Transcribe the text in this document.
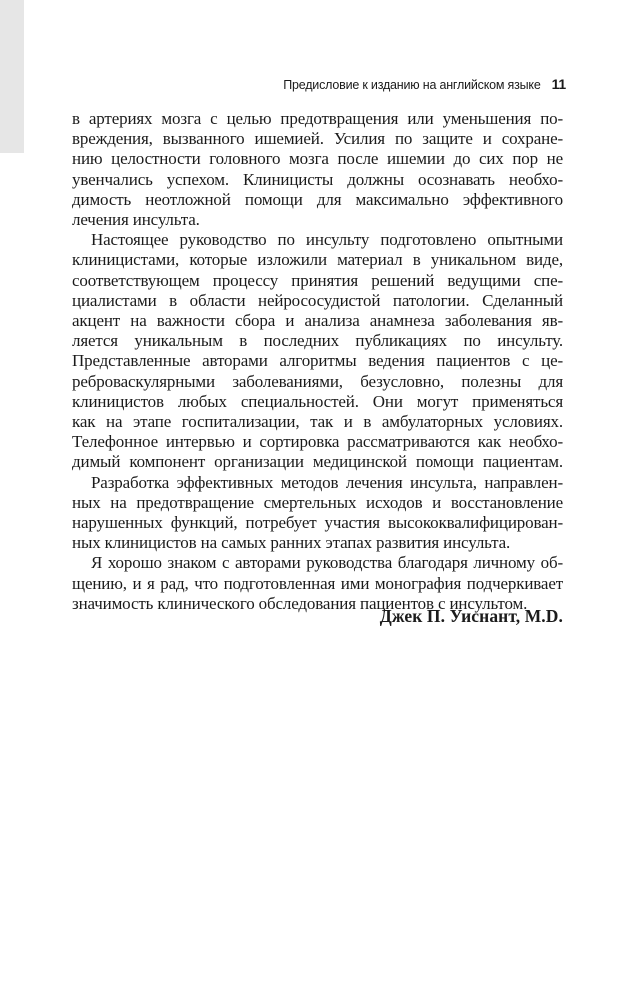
Предисловие к изданию на английском языке 11
в артериях мозга с целью предотвращения или уменьшения по-
вреждения, вызванного ишемией. Усилия по защите и сохране-
нию целостности головного мозга после ишемии до сих пор не
увенчались успехом. Клиницисты должны осознавать необхо-
димость неотложной помощи для максимально эффективного
лечения инсульта.
Настоящее руководство по инсульту подготовлено опытными
клиницистами, которые изложили материал в уникальном виде,
соответствующем процессу принятия решений ведущими спе-
циалистами в области нейрососудистой патологии. Сделанный
акцент на важности сбора и анализа анамнеза заболевания яв-
ляется уникальным в последних публикациях по инсульту.
Представленные авторами алгоритмы ведения пациентов с це-
реброваскулярными заболеваниями, безусловно, полезны для
клиницистов любых специальностей. Они могут применяться
как на этапе госпитализации, так и в амбулаторных условиях.
Телефонное интервью и сортировка рассматриваются как необхо-
димый компонент организации медицинской помощи пациентам.
Разработка эффективных методов лечения инсульта, направлен-
ных на предотвращение смертельных исходов и восстановление
нарушенных функций, потребует участия высококвалифицирован-
ных клиницистов на самых ранних этапах развития инсульта.
Я хорошо знаком с авторами руководства благодаря личному об-
щению, и я рад, что подготовленная ими монография подчеркивает
значимость клинического обследования пациентов с инсультом.
Джек П. Уиснант, M.D.
